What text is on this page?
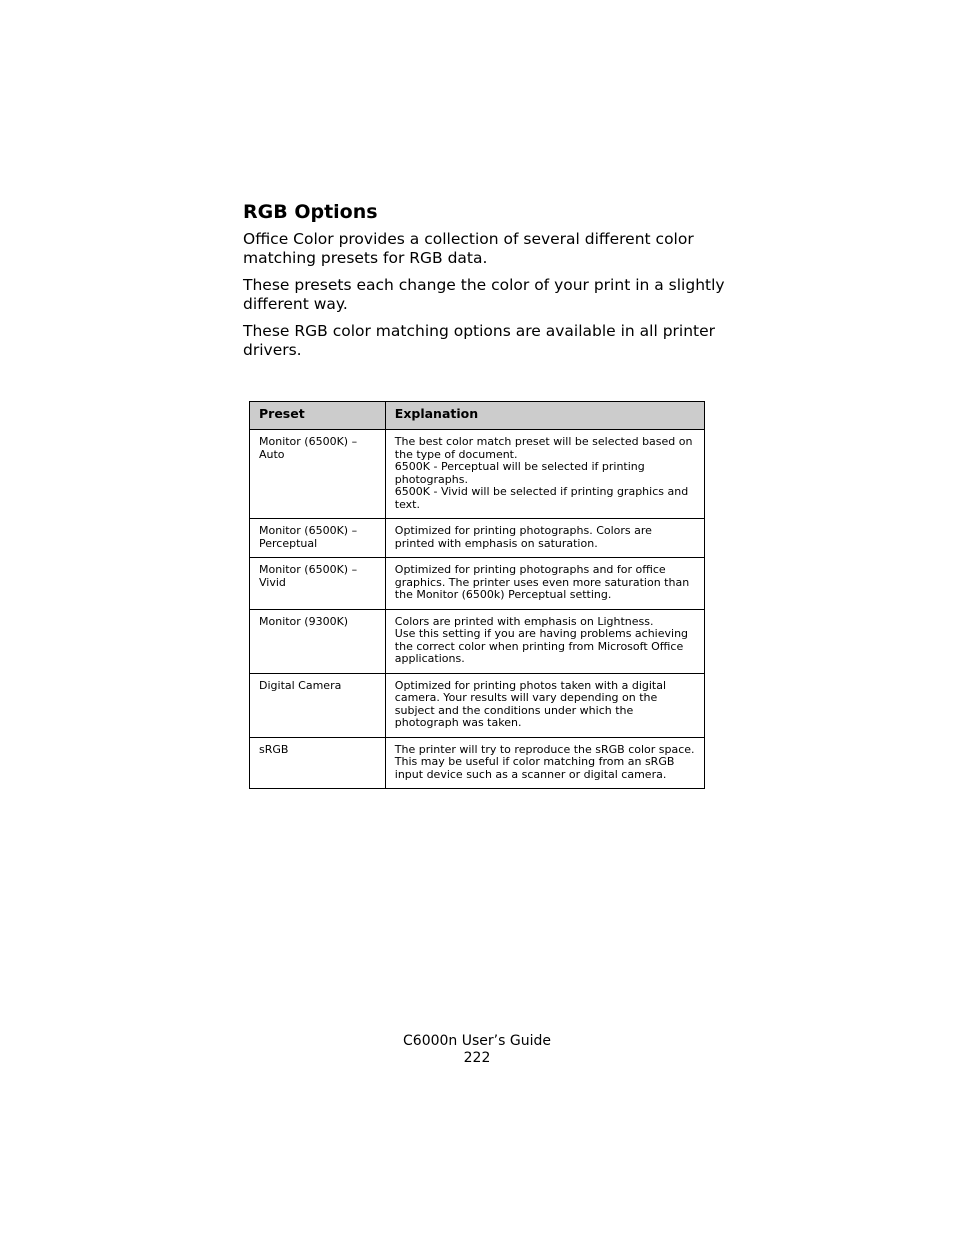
RGB Options

Office Color provides a collection of several different color matching presets for RGB data.

These presets each change the color of your print in a slightly different way.

These RGB color matching options are available in all printer drivers.

Preset	Explanation
Monitor (6500K) – Auto	The best color match preset will be selected based on the type of document.
6500K - Perceptual will be selected if printing photographs.
6500K - Vivid will be selected if printing graphics and text.

Monitor (6500K) – Perceptual	Optimized for printing photographs. Colors are printed with emphasis on saturation.

Monitor (6500K) – Vivid	Optimized for printing photographs and for office graphics. The printer uses even more saturation than the Monitor (6500k) Perceptual setting.

Monitor (9300K)	Colors are printed with emphasis on Lightness.
Use this setting if you are having problems achieving the correct color when printing from Microsoft Office applications.

Digital Camera	Optimized for printing photos taken with a digital camera. Your results will vary depending on the subject and the conditions under which the photograph was taken.

sRGB	The printer will try to reproduce the sRGB color space. This may be useful if color matching from an sRGB input device such as a scanner or digital camera.
C6000n User’s Guide
222
